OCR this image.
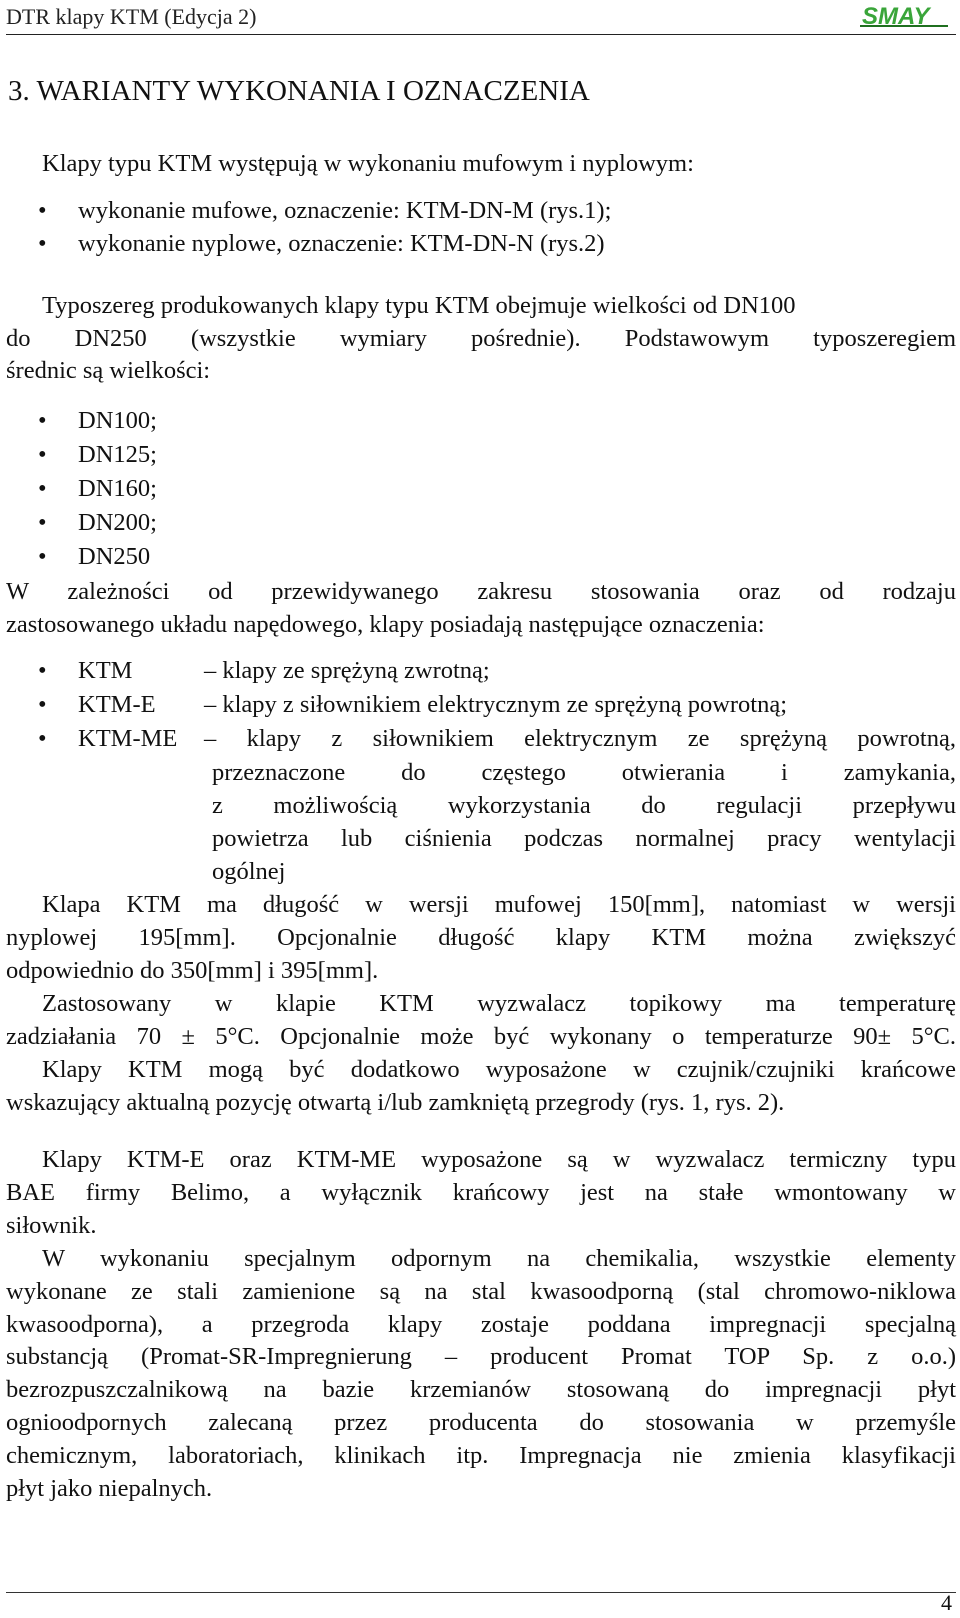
DTR klapy KTM (Edycja 2)	SMAY
3. WARIANTY WYKONANIA I OZNACZENIA
Klapy typu KTM występują w wykonaniu mufowym i nyplowym:
• wykonanie mufowe, oznaczenie: KTM-DN-M (rys.1);
• wykonanie nyplowe, oznaczenie: KTM-DN-N (rys.2)
Typoszereg produkowanych klapy typu KTM obejmuje wielkości od DN100
do DN250 (wszystkie wymiary pośrednie). Podstawowym typoszeregiem
średnic są wielkości:
• DN100;
• DN125;
• DN160;
• DN200;
• DN250
W zależności od przewidywanego zakresu stosowania oraz od rodzaju
zastosowanego układu napędowego, klapy posiadają następujące oznaczenia:
• KTM	– klapy ze sprężyną zwrotną;
• KTM-E – klapy z siłownikiem elektrycznym ze sprężyną powrotną;
• KTM-ME – klapy z siłownikiem elektrycznym ze sprężyną powrotną,
przeznaczone do częstego otwierania i zamykania,
z możliwością wykorzystania do regulacji przepływu
powietrza lub ciśnienia podczas normalnej pracy wentylacji
ogólnej
Klapa KTM ma długość w wersji mufowej 150[mm], natomiast w wersji
nyplowej 195[mm]. Opcjonalnie długość klapy KTM można zwiększyć
odpowiednio do 350[mm] i 395[mm].
Zastosowany w klapie KTM wyzwalacz topikowy ma temperaturę
zadziałania 70 ± 5°C. Opcjonalnie może być wykonany o temperaturze 90± 5°C.
Klapy KTM mogą być dodatkowo wyposażone w czujnik/czujniki krańcowe
wskazujący aktualną pozycję otwartą i/lub zamkniętą przegrody (rys. 1, rys. 2).
Klapy KTM-E oraz KTM-ME wyposażone są w wyzwalacz termiczny typu
BAE firmy Belimo, a wyłącznik krańcowy jest na stałe wmontowany w
siłownik.
W wykonaniu specjalnym odpornym na chemikalia, wszystkie elementy
wykonane ze stali zamienione są na stal kwasoodporną (stal chromowo-niklowa
kwasoodporna), a przegroda klapy zostaje poddana impregnacji specjalną
substancją (Promat-SR-Impregnierung – producent Promat TOP Sp. z o.o.)
bezrozpuszczalnikową na bazie krzemianów stosowaną do impregnacji płyt
ognioodpornych zalecaną przez producenta do stosowania w przemyśle
chemicznym, laboratoriach, klinikach itp. Impregnacja nie zmienia klasyfikacji
płyt jako niepalnych.
4
